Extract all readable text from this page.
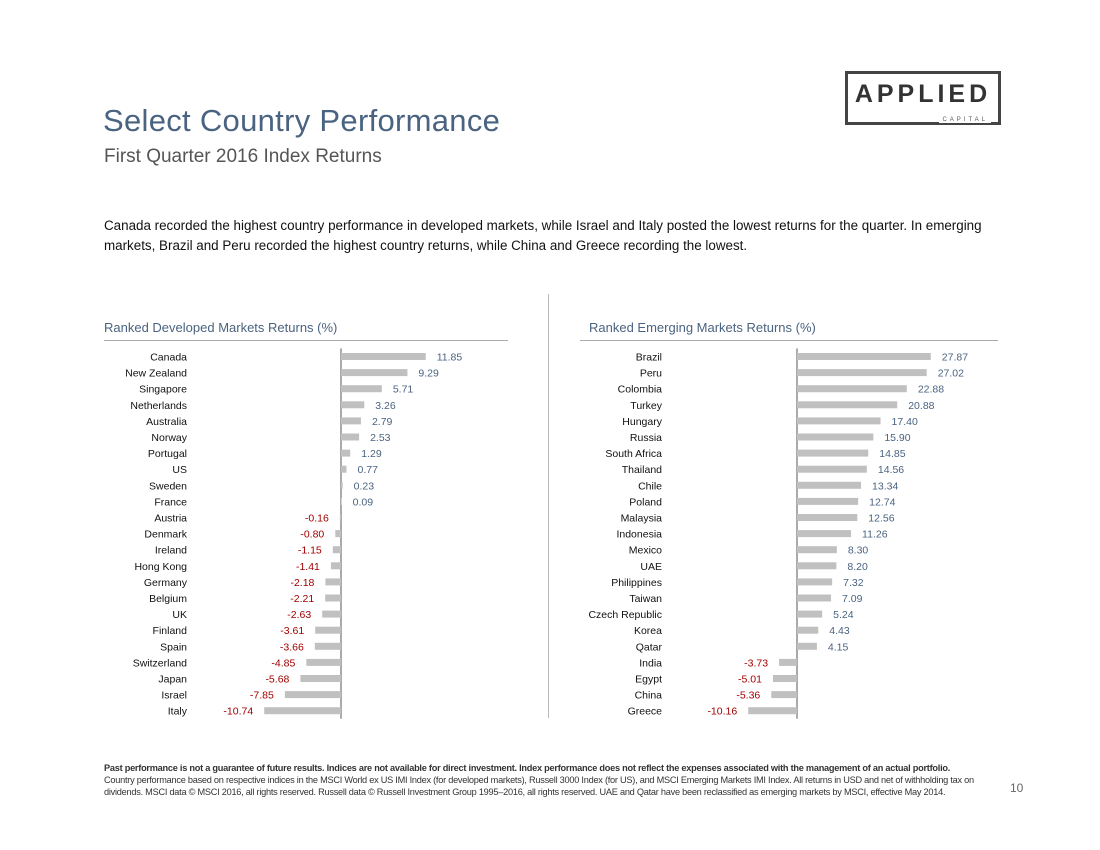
Select Country Performance
First Quarter 2016 Index Returns
APPLIED
CAPITAL

Canada recorded the highest country performance in developed markets, while Israel and Italy posted the lowest returns for the quarter. In emerging markets, Brazil and Peru recorded the highest country returns, while China and Greece recording the lowest.

Ranked Developed Markets Returns (%)
Canada	11.85
New Zealand	9.29
Singapore	5.71
Netherlands	3.26
Australia	2.79
Norway	2.53
Portugal	1.29
US	0.77
Sweden	0.23
France	0.09
Austria	-0.16
Denmark	-0.80
Ireland	-1.15
Hong Kong	-1.41
Germany	-2.18
Belgium	-2.21
UK	-2.63
Finland	-3.61
Spain	-3.66
Switzerland	-4.85
Japan	-5.68
Israel	-7.85
Italy	-10.74
Ranked Emerging Markets Returns (%)
Brazil	27.87
Peru	27.02
Colombia	22.88
Turkey	20.88
Hungary	17.40
Russia	15.90
South Africa	14.85
Thailand	14.56
Chile	13.34
Poland	12.74
Malaysia	12.56
Indonesia	11.26
Mexico	8.30
UAE	8.20
Philippines	7.32
Taiwan	7.09
Czech Republic	5.24
Korea	4.43
Qatar	4.15
India	-3.73
Egypt	-5.01
China	-5.36
Greece	-10.16

Past performance is not a guarantee of future results. Indices are not available for direct investment. Index performance does not reflect the expenses associated with the management of an actual portfolio.
Country performance based on respective indices in the MSCI World ex US IMI Index (for developed markets), Russell 3000 Index (for US), and MSCI Emerging Markets IMI Index. All returns in USD and net of withholding tax on dividends. MSCI data © MSCI 2016, all rights reserved. Russell data © Russell Investment Group 1995–2016, all rights reserved. UAE and Qatar have been reclassified as emerging markets by MSCI, effective May 2014.	10
